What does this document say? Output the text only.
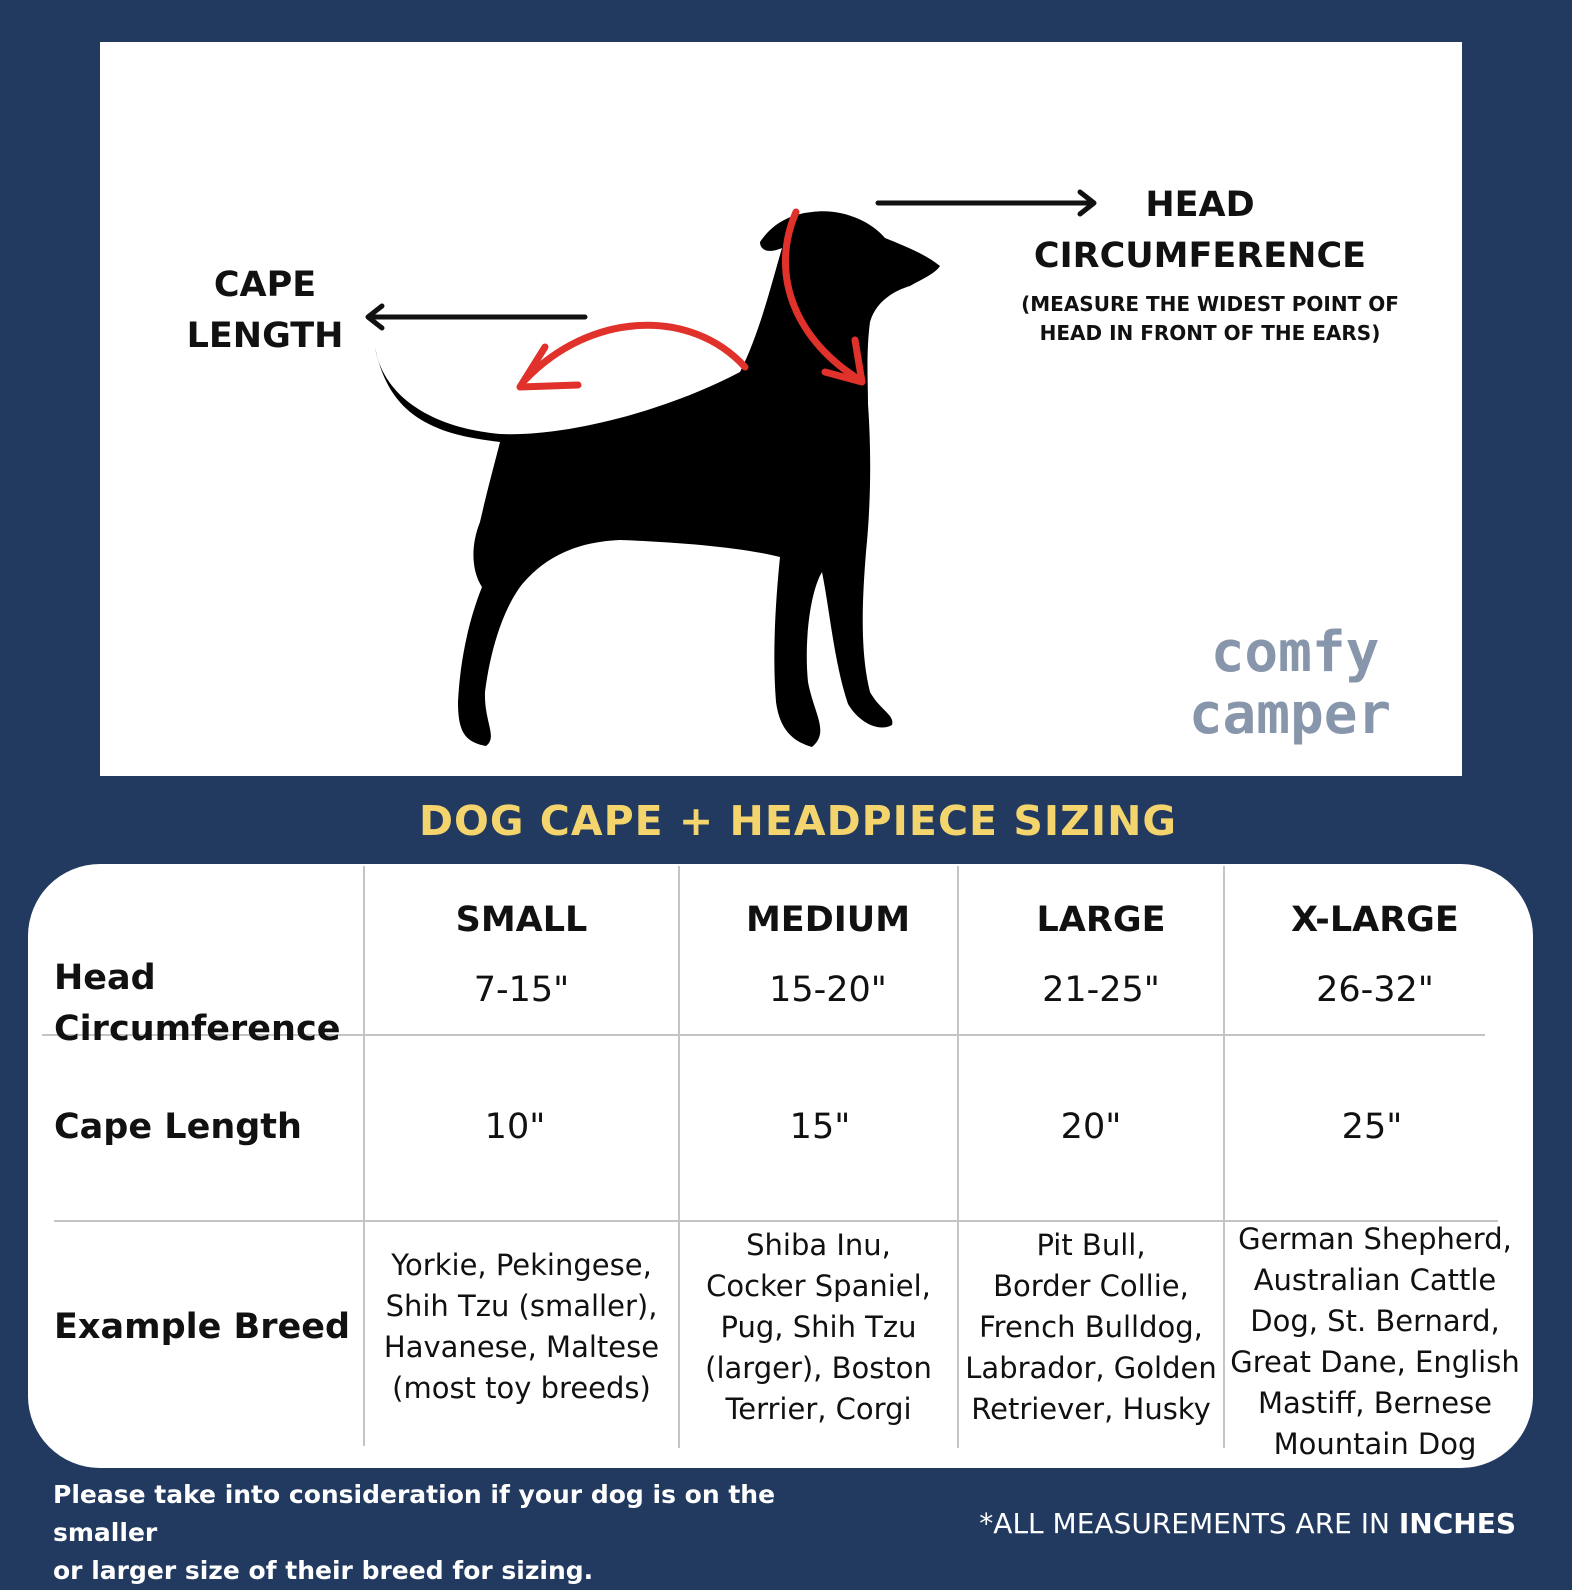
CAPE
LENGTH
HEAD
CIRCUMFERENCE
(MEASURE THE WIDEST POINT OF
HEAD IN FRONT OF THE EARS)
comfy
camper
DOG CAPE + HEADPIECE SIZING
Head
Circumference
Cape Length
Example Breed
SMALL
7-15"
10"
Yorkie, Pekingese,
Shih Tzu (smaller),
Havanese, Maltese
(most toy breeds)
MEDIUM
15-20"
15"
Shiba Inu,
Cocker Spaniel,
Pug, Shih Tzu
(larger), Boston
Terrier, Corgi
LARGE
21-25"
20"
Pit Bull,
Border Collie,
French Bulldog,
Labrador, Golden
Retriever, Husky
X-LARGE
26-32"
25"
German Shepherd,
Australian Cattle
Dog, St. Bernard,
Great Dane, English
Mastiff, Bernese
Mountain Dog
Please take into consideration if your dog is on the smaller
or larger size of their breed for sizing.
*ALL MEASUREMENTS ARE IN INCHES
